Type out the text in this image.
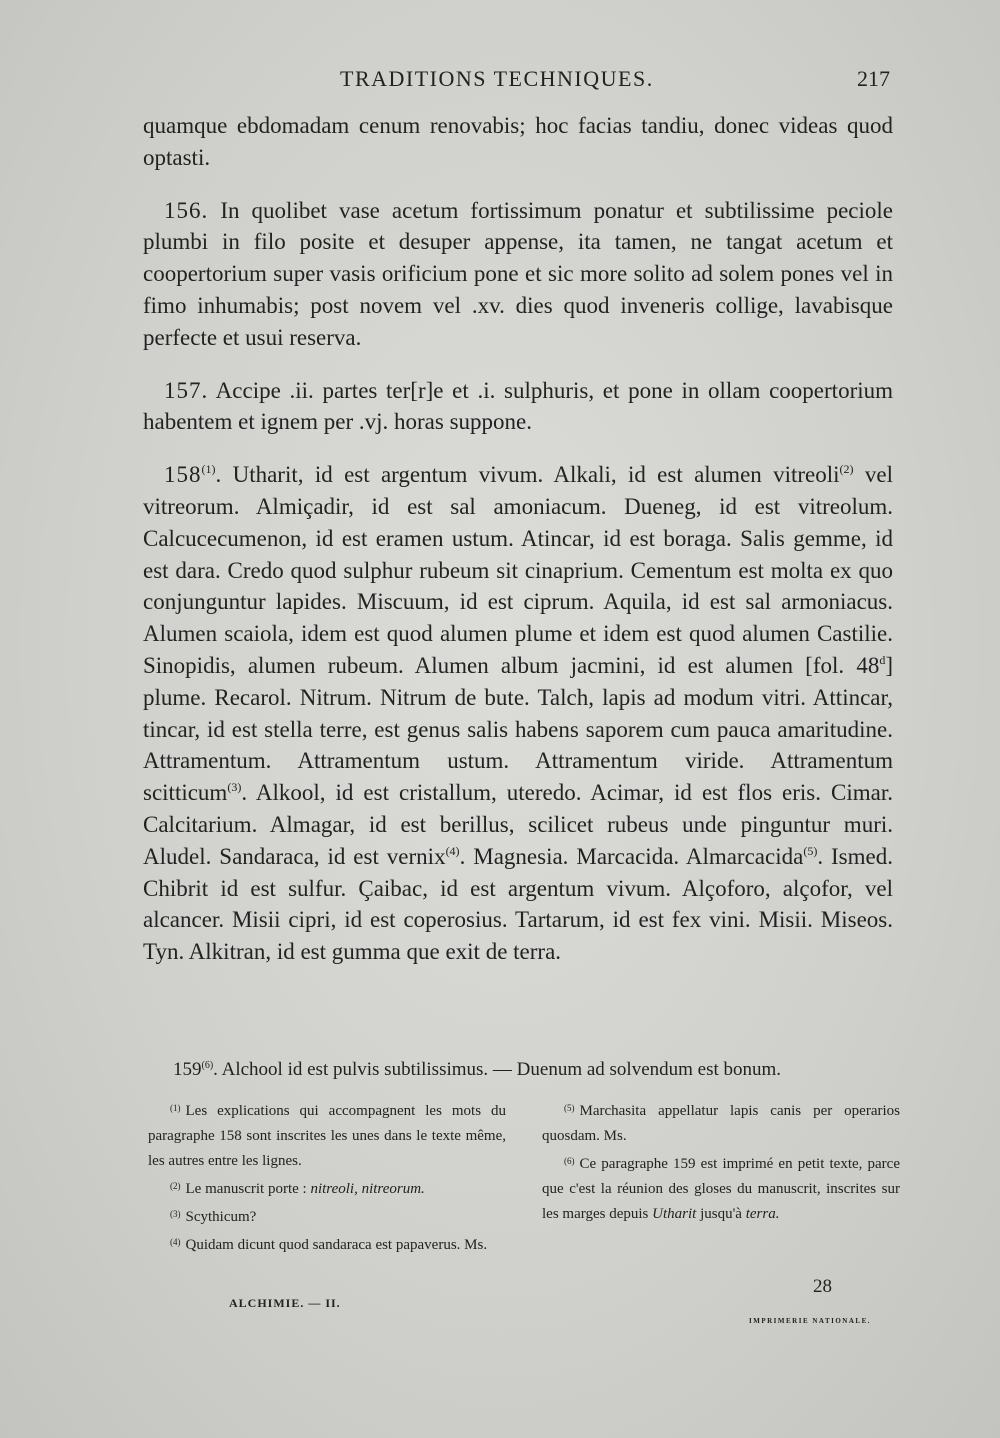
TRADITIONS TECHNIQUES.	217

quamque ebdomadam cenum renovabis; hoc facias tandiu, donec videas quod optasti.

156. In quolibet vase acetum fortissimum ponatur et subtilissime peciole plumbi in filo posite et desuper appense, ita tamen, ne tangat acetum et coopertorium super vasis orificium pone et sic more solito ad solem pones vel in fimo inhumabis; post novem vel .xv. dies quod inveneris collige, lavabisque perfecte et usui reserva.

157. Accipe .ii. partes ter[r]e et .i. sulphuris, et pone in ollam coopertorium habentem et ignem per .vj. horas suppone.

158$^{(1)}$. Utharit, id est argentum vivum. Alkali, id est alumen vitreoli$^{(2)}$ vel vitreorum. Almiçadir, id est sal amoniacum. Dueneg, id est vitreolum. Calcucecumenon, id est eramen ustum. Atincar, id est boraga. Salis gemme, id est dara. Credo quod sulphur rubeum sit cinaprium. Cementum est molta ex quo conjunguntur lapides. Miscuum, id est ciprum. Aquila, id est sal armoniacus. Alumen scaiola, idem est quod alumen plume et idem est quod alumen Castilie. Sinopidis, alumen rubeum. Alumen album jacmini, id est alumen [fol. 48$^d$] plume. Recarol. Nitrum. Nitrum de bute. Talch, lapis ad modum vitri. Attincar, tincar, id est stella terre, est genus salis habens saporem cum pauca amaritudine. Attramentum. Attramentum ustum. Attramentum viride. Attramentum scitticum$^{(3)}$. Alkool, id est cristallum, uteredo. Acimar, id est flos eris. Cimar. Calcitarium. Almagar, id est berillus, scilicet rubeus unde pinguntur muri. Aludel. Sandaraca, id est vernix$^{(4)}$. Magnesia. Marcacida. Almarcacida$^{(5)}$. Ismed. Chibrit id est sulfur. Çaibac, id est argentum vivum. Alçoforo, alçofor, vel alcancer. Misii cipri, id est coperosius. Tartarum, id est fex vini. Misii. Miseos. Tyn. Alkitran, id est gumma que exit de terra.

159$^{(6)}$. Alchool id est pulvis subtilissimus. — Duenum ad solvendum est bonum.

$^{(1)}$ Les explications qui accompagnent les mots du paragraphe 158 sont inscrites les unes dans le texte même, les autres entre les lignes.

$^{(2)}$ Le manuscrit porte : nitreoli, nitreorum.

$^{(3)}$ Scythicum?

$^{(4)}$ Quidam dicunt quod sandaraca est papaverus. Ms.

$^{(5)}$ Marchasita appellatur lapis canis per operarios quosdam. Ms.

$^{(6)}$ Ce paragraphe 159 est imprimé en petit texte, parce que c'est la réunion des gloses du manuscrit, inscrites sur les marges depuis Utharit jusqu'à terra.

28
ALCHIMIE. — II.
IMPRIMERIE NATIONALE.
